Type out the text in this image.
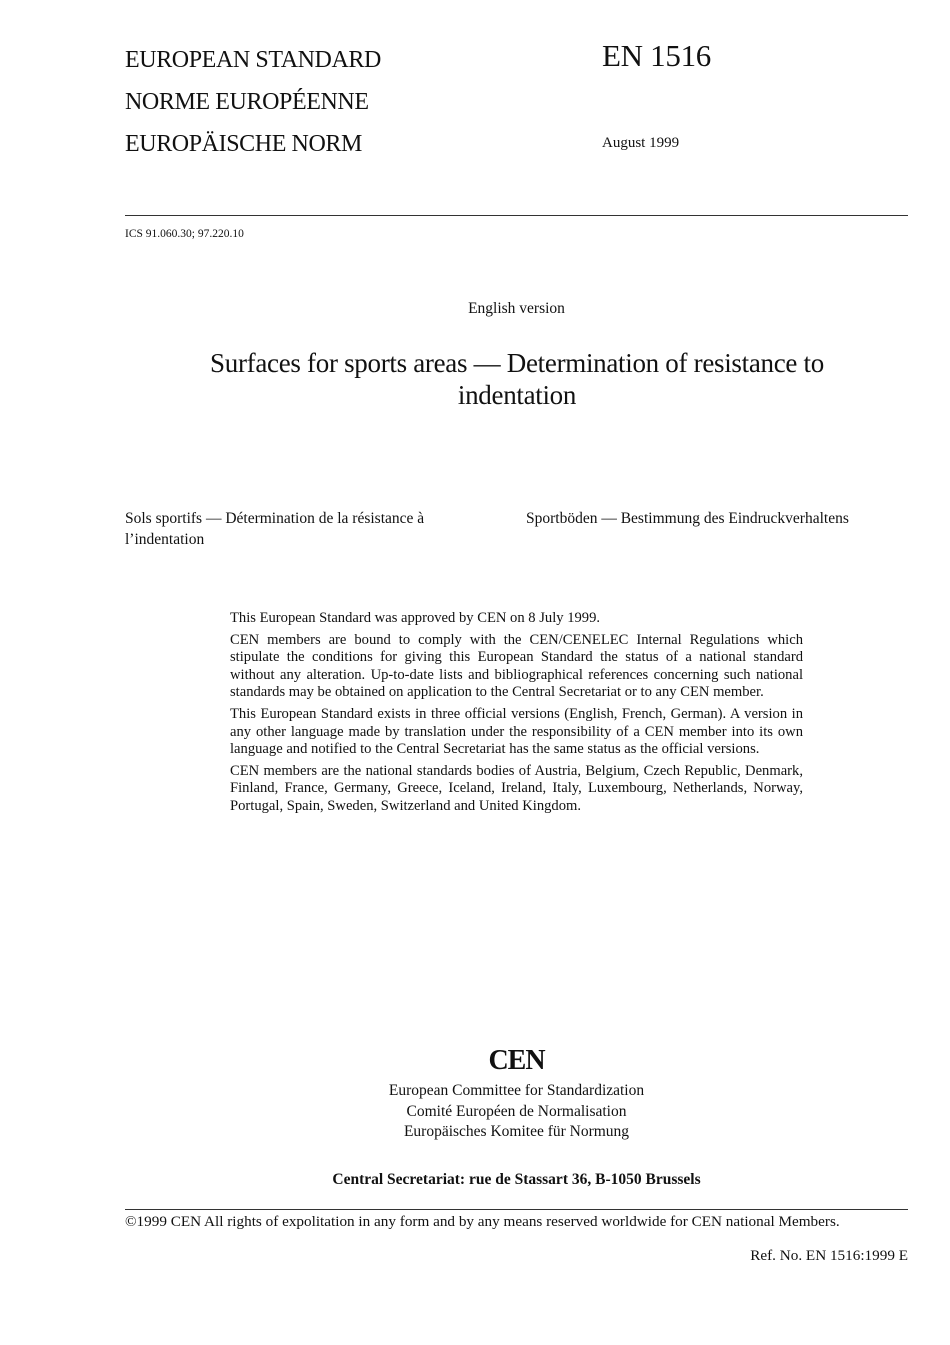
EUROPEAN STANDARD
NORME EUROPÉENNE
EUROPÄISCHE NORM
EN 1516
August 1999
ICS 91.060.30; 97.220.10
English version
Surfaces for sports areas — Determination of resistance to indentation
Sols sportifs — Détermination de la résistance à l’indentation
Sportböden — Bestimmung des Eindruckverhaltens

This European Standard was approved by CEN on 8 July 1999.

CEN members are bound to comply with the CEN/CENELEC Internal Regulations which stipulate the conditions for giving this European Standard the status of a national standard without any alteration. Up-to-date lists and bibliographical references concerning such national standards may be obtained on application to the Central Secretariat or to any CEN member.

This European Standard exists in three official versions (English, French, German). A version in any other language made by translation under the responsibility of a CEN member into its own language and notified to the Central Secretariat has the same status as the official versions.

CEN members are the national standards bodies of Austria, Belgium, Czech Republic, Denmark, Finland, France, Germany, Greece, Iceland, Ireland, Italy, Luxembourg, Netherlands, Norway, Portugal, Spain, Sweden, Switzerland and United Kingdom.

CEN
European Committee for Standardization
Comité Européen de Normalisation
Europäisches Komitee für Normung
Central Secretariat: rue de Stassart 36, B-1050 Brussels
©1999 CEN All rights of expolitation in any form and by any means reserved worldwide for CEN national Members.
Ref. No. EN 1516:1999 E
